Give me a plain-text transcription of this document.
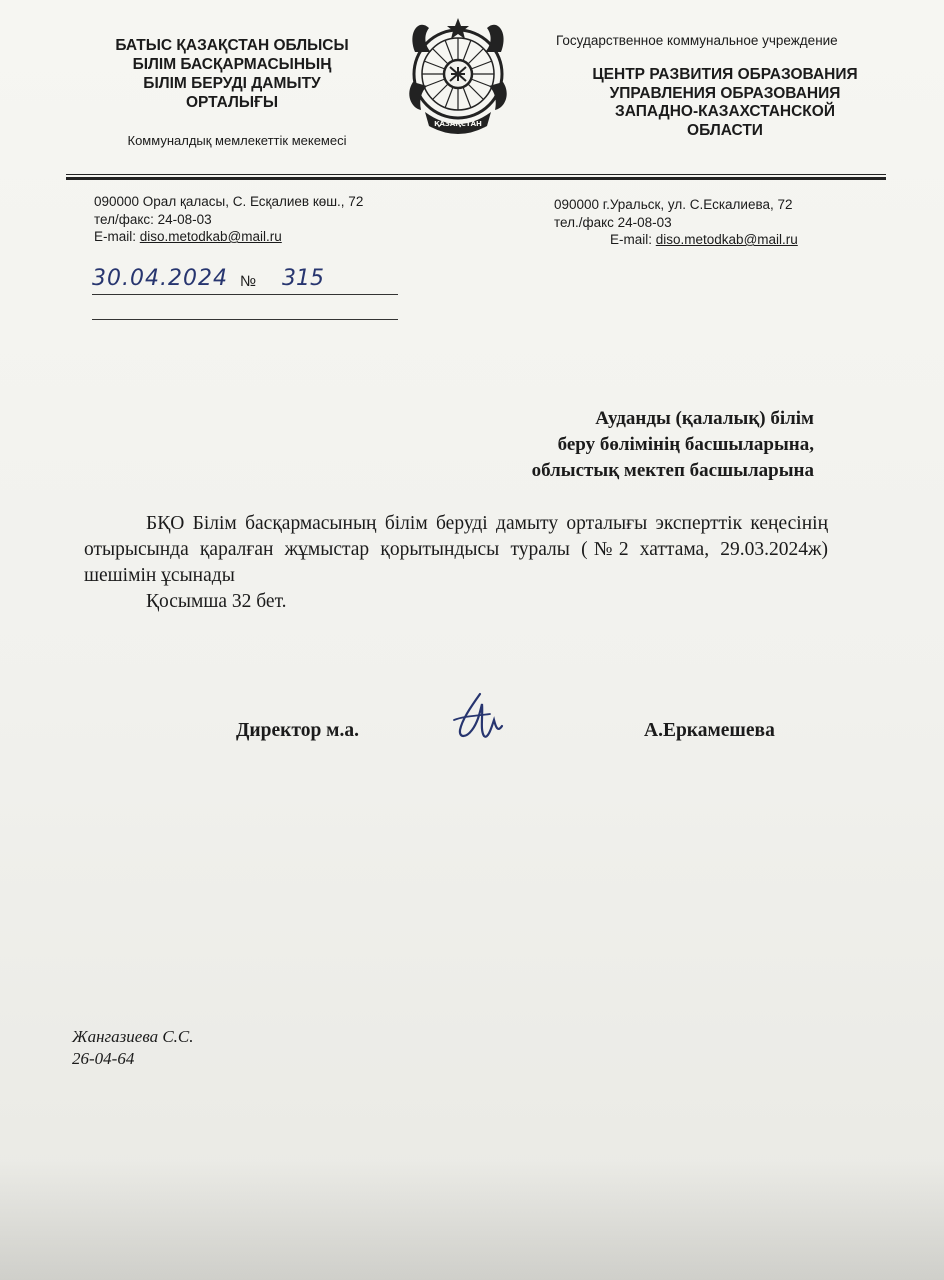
БАТЫС ҚАЗАҚСТАН ОБЛЫСЫ
БІЛІМ БАСҚАРМАСЫНЫҢ
БІЛІМ БЕРУДІ ДАМЫТУ
ОРТАЛЫҒЫ
Коммуналдық мемлекеттік мекемесі
ҚАЗАҚСТАН
Государственное коммунальное учреждение
ЦЕНТР РАЗВИТИЯ ОБРАЗОВАНИЯ
УПРАВЛЕНИЯ ОБРАЗОВАНИЯ
ЗАПАДНО-КАЗАХСТАНСКОЙ
ОБЛАСТИ
090000 Орал қаласы, С. Есқалиев көш., 72
тел/факс: 24-08-03
E-mail: diso.metodkab@mail.ru
090000 г.Уральск, ул. С.Ескалиева, 72
тел./факс 24-08-03
E-mail: diso.metodkab@mail.ru
30.04.2024 № 315
Ауданды (қалалық) білім
беру бөлімінің басшыларына,
облыстық мектеп басшыларына

БҚО Білім басқармасының білім беруді дамыту орталығы эксперттік кеңесінің отырысында қаралған жұмыстар қорытындысы туралы (№2 хаттама, 29.03.2024ж) шешімін ұсынады

Қосымша 32 бет.

Директор м.а.	А.Еркамешева
Жангазиева С.С.
26-04-64
